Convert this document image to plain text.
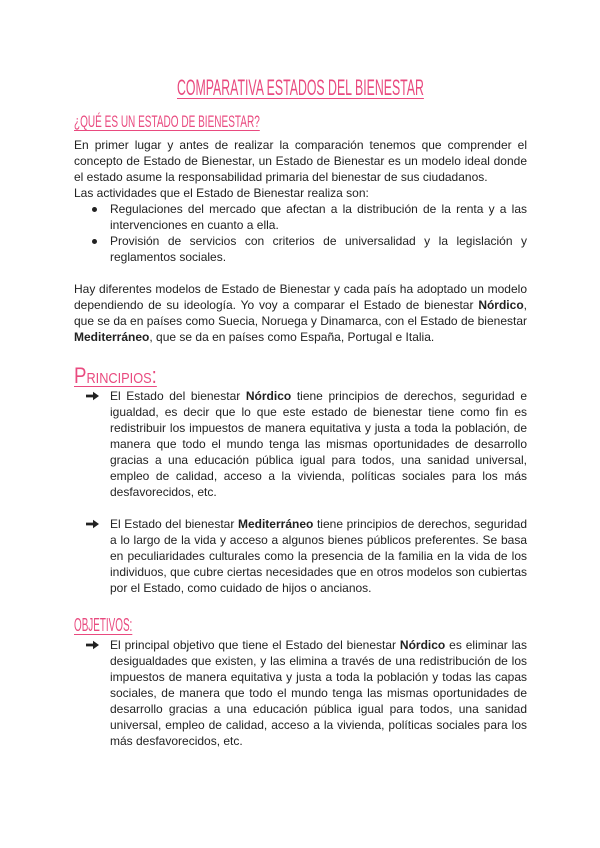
COMPARATIVA ESTADOS DEL BIENESTAR
¿QUÉ ES UN ESTADO DE BIENESTAR?

En primer lugar y antes de realizar la comparación tenemos que comprender el concepto de Estado de Bienestar, un Estado de Bienestar es un modelo ideal donde el estado asume la responsabilidad primaria del bienestar de sus ciudadanos.

Las actividades que el Estado de Bienestar realiza son:

Regulaciones del mercado que afectan a la distribución de la renta y a las intervenciones en cuanto a ella.
Provisión de servicios con criterios de universalidad y la legislación y reglamentos sociales.

Hay diferentes modelos de Estado de Bienestar y cada país ha adoptado un modelo dependiendo de su ideología. Yo voy a comparar el Estado de bienestar Nórdico, que se da en países como Suecia, Noruega y Dinamarca, con el Estado de bienestar Mediterráneo, que se da en países como España, Portugal e Italia.

Principios:
El Estado del bienestar Nórdico tiene principios de derechos, seguridad e igualdad, es decir que lo que este estado de bienestar tiene como fin es redistribuir los impuestos de manera equitativa y justa a toda la población, de manera que todo el mundo tenga las mismas oportunidades de desarrollo gracias a una educación pública igual para todos, una sanidad universal, empleo de calidad, acceso a la vivienda, políticas sociales para los más desfavorecidos, etc.
El Estado del bienestar Mediterráneo tiene principios de derechos, seguridad a lo largo de la vida y acceso a algunos bienes públicos preferentes. Se basa en peculiaridades culturales como la presencia de la familia en la vida de los individuos, que cubre ciertas necesidades que en otros modelos son cubiertas por el Estado, como cuidado de hijos o ancianos.
OBJETIVOS:
El principal objetivo que tiene el Estado del bienestar Nórdico es eliminar las desigualdades que existen, y las elimina a través de una redistribución de los impuestos de manera equitativa y justa a toda la población y todas las capas sociales, de manera que todo el mundo tenga las mismas oportunidades de desarrollo gracias a una educación pública igual para todos, una sanidad universal, empleo de calidad, acceso a la vivienda, políticas sociales para los más desfavorecidos, etc.
